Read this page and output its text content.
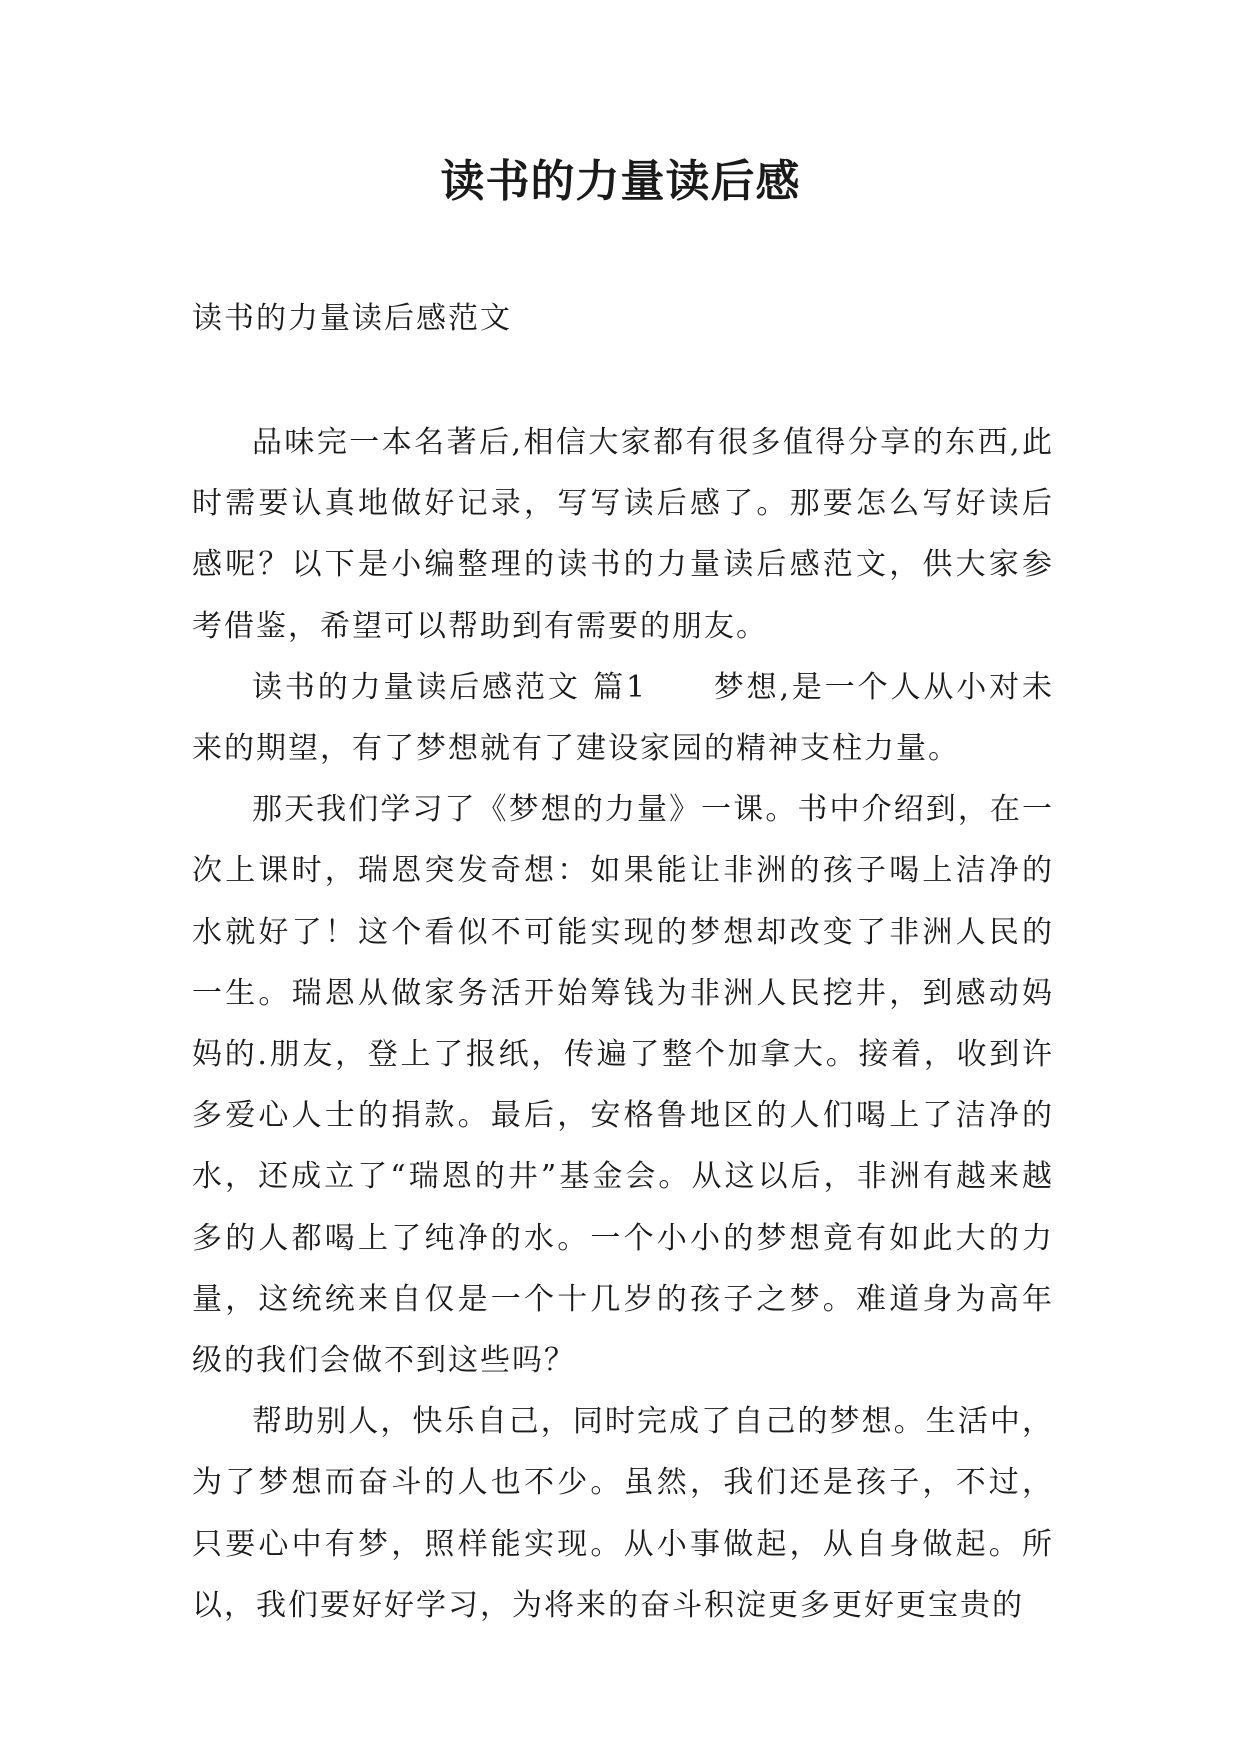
读书的力量读后感
读书的力量读后感范文

品味完一本名著后,相信大家都有很多值得分享的东西,此时需要认真地做好记录，写写读后感了。那要怎么写好读后感呢？以下是小编整理的读书的力量读后感范文，供大家参考借鉴，希望可以帮助到有需要的朋友。

读书的力量读后感范文 篇1　　梦想,是一个人从小对未来的期望，有了梦想就有了建设家园的精神支柱力量。

那天我们学习了《梦想的力量》一课。书中介绍到，在一次上课时，瑞恩突发奇想：如果能让非洲的孩子喝上洁净的水就好了！这个看似不可能实现的梦想却改变了非洲人民的一生。瑞恩从做家务活开始筹钱为非洲人民挖井，到感动妈妈的.朋友，登上了报纸，传遍了整个加拿大。接着，收到许多爱心人士的捐款。最后，安格鲁地区的人们喝上了洁净的水，还成立了“瑞恩的井”基金会。从这以后，非洲有越来越多的人都喝上了纯净的水。一个小小的梦想竟有如此大的力量，这统统来自仅是一个十几岁的孩子之梦。难道身为高年级的我们会做不到这些吗？

帮助别人，快乐自己，同时完成了自己的梦想。生活中，为了梦想而奋斗的人也不少。虽然，我们还是孩子，不过，只要心中有梦，照样能实现。从小事做起，从自身做起。所以，我们要好好学习，为将来的奋斗积淀更多更好更宝贵的
